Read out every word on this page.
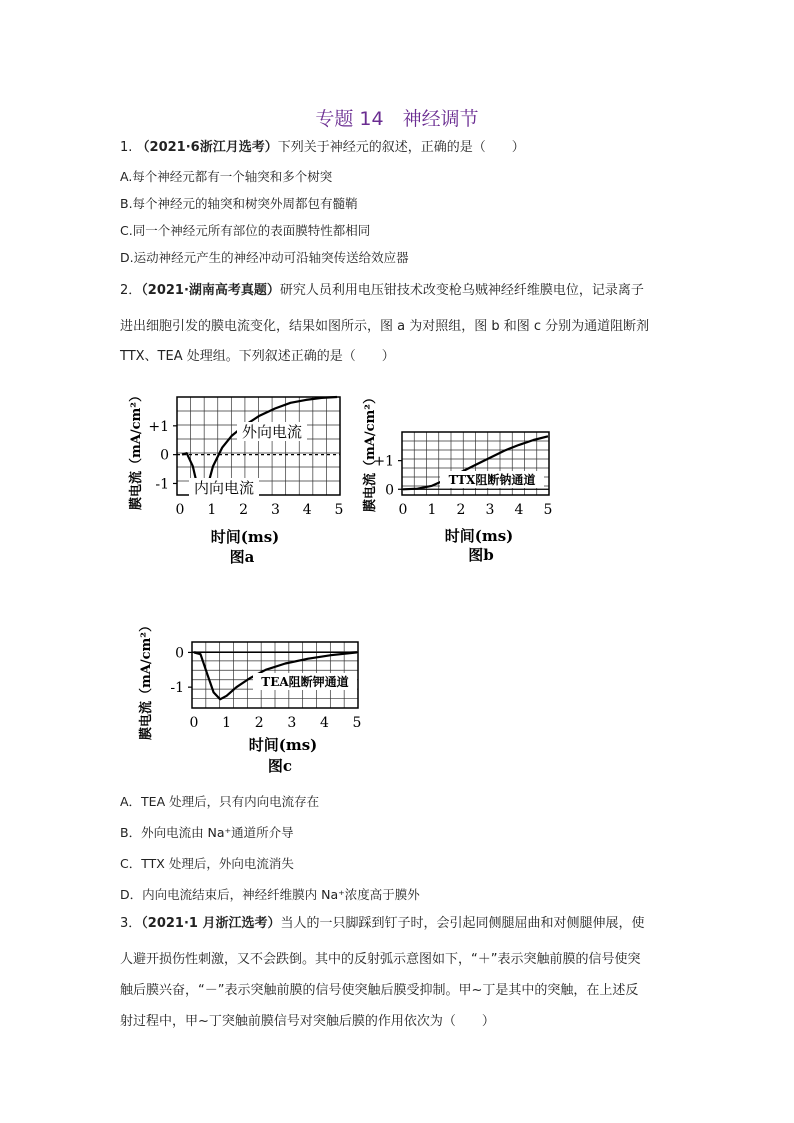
专题 14　神经调节
1. （2021·6浙江月选考）下列关于神经元的叙述，正确的是（　　）
A.每个神经元都有一个轴突和多个树突
B.每个神经元的轴突和树突外周都包有髓鞘
C.同一个神经元所有部位的表面膜特性都相同
D.运动神经元产生的神经冲动可沿轴突传送给效应器
2．（2021·湖南高考真题）研究人员利用电压钳技术改变枪乌贼神经纤维膜电位，记录离子
进出细胞引发的膜电流变化，结果如图所示，图 a 为对照组，图 b 和图 c 分别为通道阻断剂
TTX、TEA 处理组。下列叙述正确的是（　　）
膜电流（mA/cm²） +1
0
-1
0 1 2 3 4 5
外向电流
内向电流
时间(ms)
图a
膜电流（mA/cm²）
+1
0
0 1 2 3 4 5
TTX阻断钠通道
时间(ms)
图b
膜电流（mA/cm²） 0
-1
0 1 2 3 4 5
TEA阻断钾通道
时间(ms)
图c
A．TEA 处理后，只有内向电流存在
B．外向电流由 Na⁺通道所介导
C．TTX 处理后，外向电流消失
D．内向电流结束后，神经纤维膜内 Na⁺浓度高于膜外
3．（2021·1 月浙江选考）当人的一只脚踩到钉子时，会引起同侧腿屈曲和对侧腿伸展，使
人避开损伤性刺激，又不会跌倒。其中的反射弧示意图如下，“＋”表示突触前膜的信号使突
触后膜兴奋，“－”表示突触前膜的信号使突触后膜受抑制。甲~丁是其中的突触，在上述反
射过程中，甲~丁突触前膜信号对突触后膜的作用依次为（　　）
